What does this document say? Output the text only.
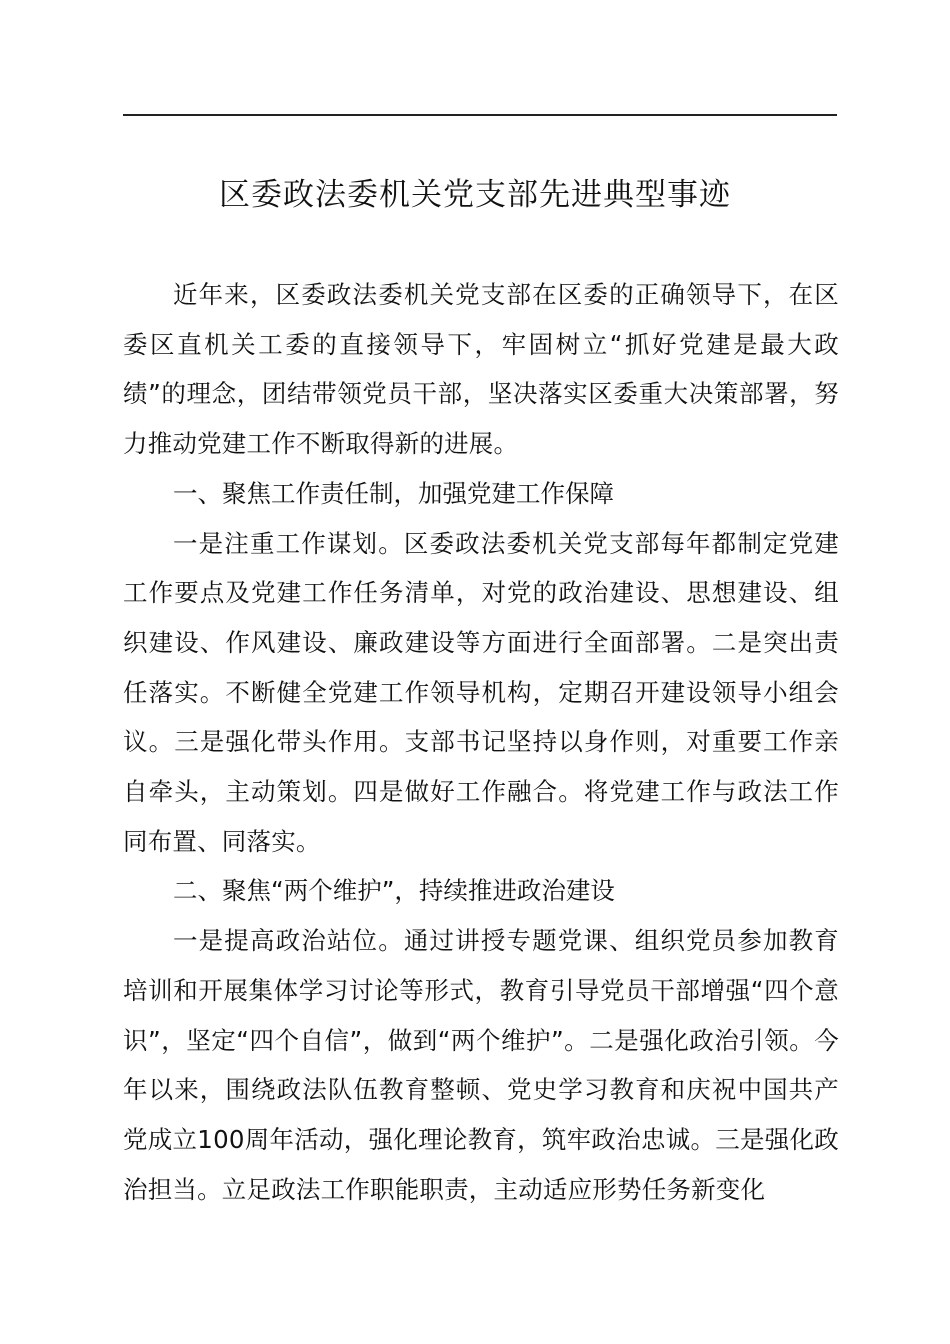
区委政法委机关党支部先进典型事迹

近年来，区委政法委机关党支部在区委的正确领导下，在区委区直机关工委的直接领导下，牢固树立“抓好党建是最大政绩”的理念，团结带领党员干部，坚决落实区委重大决策部署，努力推动党建工作不断取得新的进展。

一、聚焦工作责任制，加强党建工作保障

一是注重工作谋划。区委政法委机关党支部每年都制定党建工作要点及党建工作任务清单，对党的政治建设、思想建设、组织建设、作风建设、廉政建设等方面进行全面部署。二是突出责任落实。不断健全党建工作领导机构，定期召开建设领导小组会议。三是强化带头作用。支部书记坚持以身作则，对重要工作亲自牵头，主动策划。四是做好工作融合。将党建工作与政法工作同布置、同落实。

二、聚焦“两个维护”，持续推进政治建设

一是提高政治站位。通过讲授专题党课、组织党员参加教育培训和开展集体学习讨论等形式，教育引导党员干部增强“四个意识”，坚定“四个自信”，做到“两个维护”。二是强化政治引领。今年以来，围绕政法队伍教育整顿、党史学习教育和庆祝中国共产党成立100周年活动，强化理论教育，筑牢政治忠诚。三是强化政治担当。立足政法工作职能职责，主动适应形势任务新变化
